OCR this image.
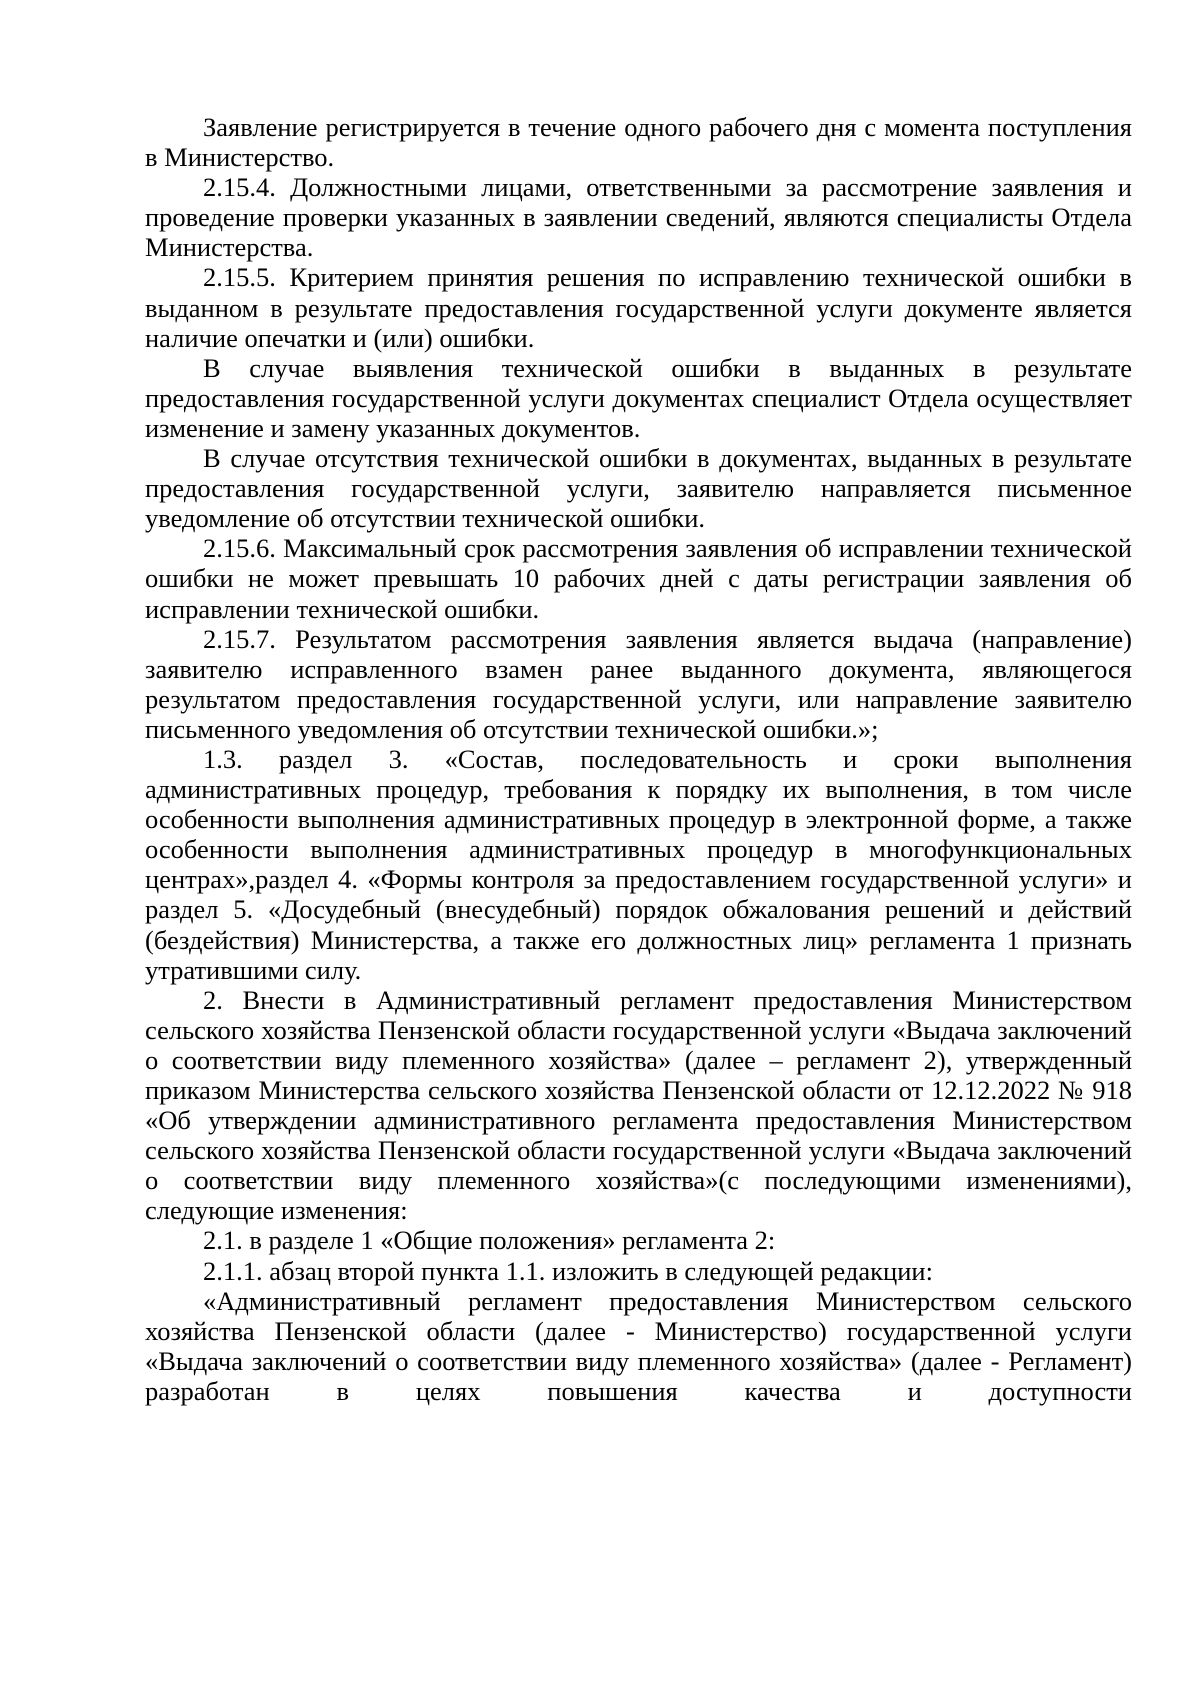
Заявление регистрируется в течение одного рабочего дня с момента поступления в Министерство.

2.15.4. Должностными лицами, ответственными за рассмотрение заявления и проведение проверки указанных в заявлении сведений, являются специалисты Отдела Министерства.

2.15.5. Критерием принятия решения по исправлению технической ошибки в выданном в результате предоставления государственной услуги документе является наличие опечатки и (или) ошибки.

В случае выявления технической ошибки в выданных в результате предоставления государственной услуги документах специалист Отдела осуществляет изменение и замену указанных документов.

В случае отсутствия технической ошибки в документах, выданных в результате предоставления государственной услуги, заявителю направляется письменное уведомление об отсутствии технической ошибки.

2.15.6. Максимальный срок рассмотрения заявления об исправлении технической ошибки не может превышать 10 рабочих дней с даты регистрации заявления об исправлении технической ошибки.

2.15.7. Результатом рассмотрения заявления является выдача (направление) заявителю исправленного взамен ранее выданного документа, являющегося результатом предоставления государственной услуги, или направление заявителю письменного уведомления об отсутствии технической ошибки.»;

1.3. раздел 3. «Состав, последовательность и сроки выполнения административных процедур, требования к порядку их выполнения, в том числе особенности выполнения административных процедур в электронной форме, а также особенности выполнения административных процедур в многофункциональных центрах»,раздел 4. «Формы контроля за предоставлением государственной услуги» и раздел 5. «Досудебный (внесудебный) порядок обжалования решений и действий (бездействия) Министерства, а также его должностных лиц» регламента 1 признать утратившими силу.

2. Внести в Административный регламент предоставления Министерством сельского хозяйства Пензенской области государственной услуги «Выдача заключений о соответствии виду племенного хозяйства» (далее – регламент 2), утвержденный приказом Министерства сельского хозяйства Пензенской области от 12.12.2022 № 918 «Об утверждении административного регламента предоставления Министерством сельского хозяйства Пензенской области государственной услуги «Выдача заключений о соответствии виду племенного хозяйства»(с последующими изменениями), следующие изменения:

2.1. в разделе 1 «Общие положения» регламента 2:

2.1.1. абзац второй пункта 1.1. изложить в следующей редакции:

«Административный регламент предоставления Министерством сельского хозяйства Пензенской области (далее - Министерство) государственной услуги «Выдача заключений о соответствии виду племенного хозяйства» (далее - Регламент) разработан в целях повышения качества и доступности
